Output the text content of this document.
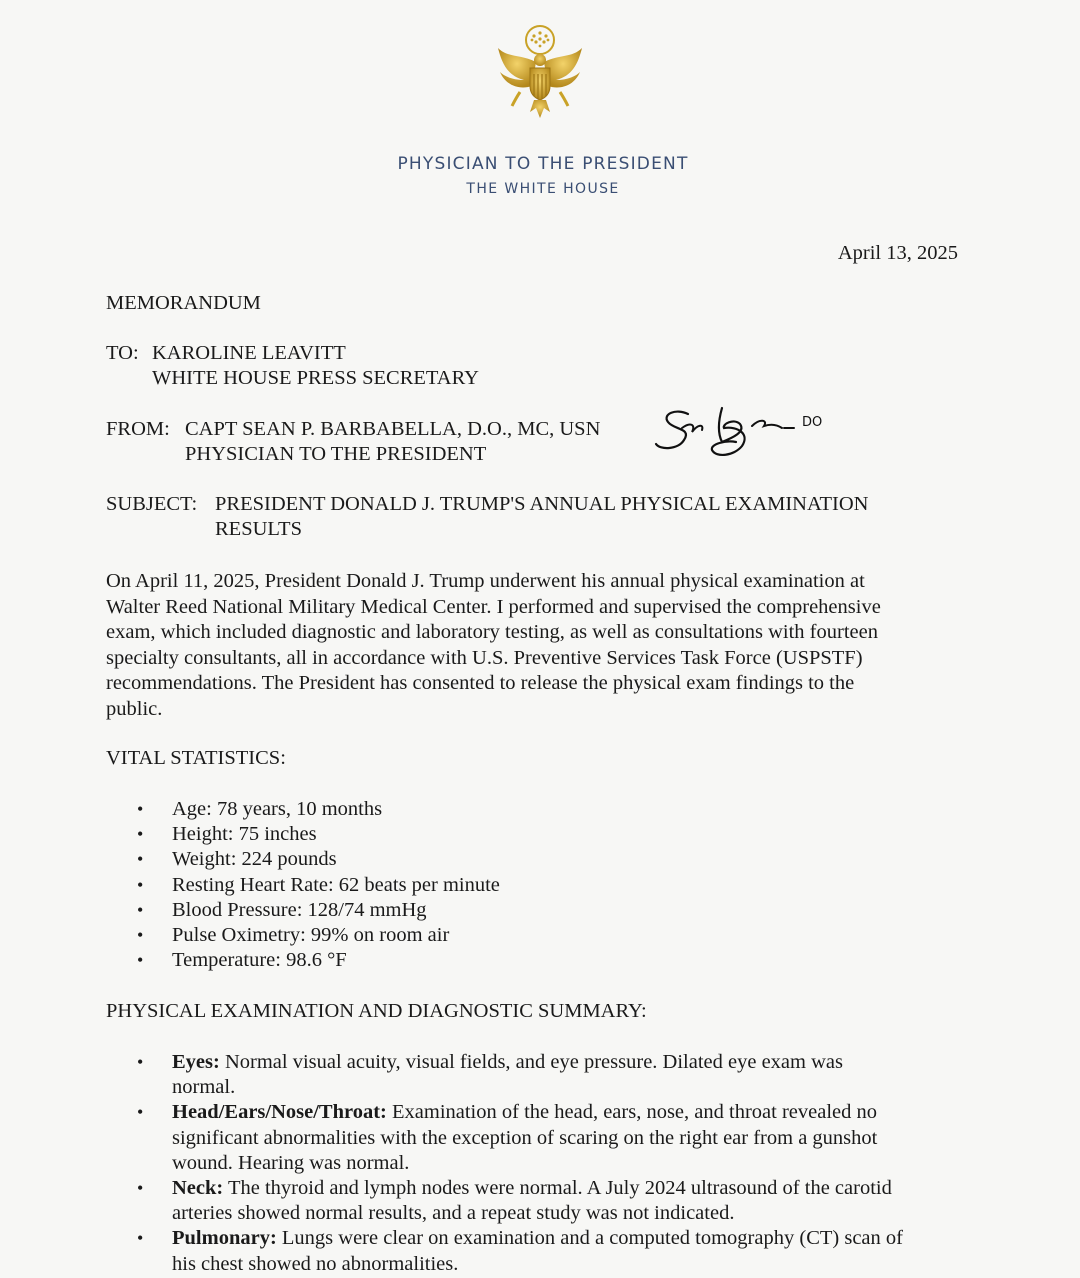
PHYSICIAN TO THE PRESIDENT
THE WHITE HOUSE

April 13, 2025

MEMORANDUM

TO: KAROLINE LEAVITT

WHITE HOUSE PRESS SECRETARY

FROM: CAPT SEAN P. BARBABELLA, D.O., MC, USN

PHYSICIAN TO THE PRESIDENT

DO

SUBJECT: PRESIDENT DONALD J. TRUMP'S ANNUAL PHYSICAL EXAMINATION

RESULTS

On April 11, 2025, President Donald J. Trump underwent his annual physical examination at
Walter Reed National Military Medical Center. I performed and supervised the comprehensive
exam, which included diagnostic and laboratory testing, as well as consultations with fourteen
specialty consultants, all in accordance with U.S. Preventive Services Task Force (USPSTF)
recommendations. The President has consented to release the physical exam findings to the
public.

VITAL STATISTICS:

• Age: 78 years, 10 months
• Height: 75 inches
• Weight: 224 pounds
• Resting Heart Rate: 62 beats per minute
• Blood Pressure: 128/74 mmHg
• Pulse Oximetry: 99% on room air
• Temperature: 98.6 °F

PHYSICAL EXAMINATION AND DIAGNOSTIC SUMMARY:

• Eyes: Normal visual acuity, visual fields, and eye pressure. Dilated eye exam was
normal.
• Head/Ears/Nose/Throat: Examination of the head, ears, nose, and throat revealed no
significant abnormalities with the exception of scaring on the right ear from a gunshot
wound. Hearing was normal.
• Neck: The thyroid and lymph nodes were normal. A July 2024 ultrasound of the carotid
arteries showed normal results, and a repeat study was not indicated.
• Pulmonary: Lungs were clear on examination and a computed tomography (CT) scan of
his chest showed no abnormalities.
